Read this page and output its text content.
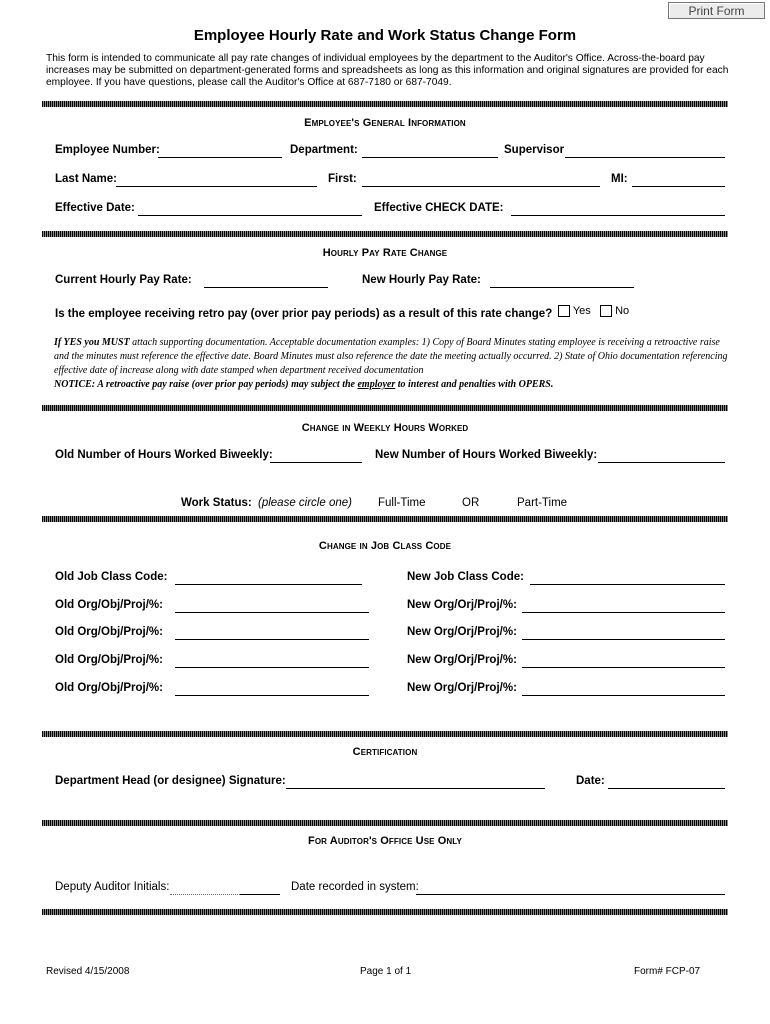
Print Form
Employee Hourly Rate and Work Status Change Form
This form is intended to communicate all pay rate changes of individual employees by the department to the Auditor's Office. Across-the-board pay increases may be submitted on department-generated forms and spreadsheets as long as this information and original signatures are provided for each employee. If you have questions, please call the Auditor's Office at 687-7180 or 687-7049.
Employee's General Information
Employee Number:	Department:	Supervisor
Last Name:	First:	MI:
Effective Date:	Effective CHECK DATE:
Hourly Pay Rate Change
Current Hourly Pay Rate:	New Hourly Pay Rate:
Is the employee receiving retro pay (over prior pay periods) as a result of this rate change?	Yes	No
If YES you MUST attach supporting documentation. Acceptable documentation examples: 1) Copy of Board Minutes stating employee is receiving a retroactive raise and the minutes must reference the effective date. Board Minutes must also reference the date the meeting actually occurred. 2) State of Ohio documentation referencing effective date of increase along with date stamped when department received documentation
NOTICE: A retroactive pay raise (over prior pay periods) may subject the employer to interest and penalties with OPERS.
Change in Weekly Hours Worked
Old Number of Hours Worked Biweekly:	New Number of Hours Worked Biweekly:
Work Status: (please circle one) Full-Time	OR	Part-Time
Change in Job Class Code
Old Job Class Code:	New Job Class Code:
Old Org/Obj/Proj/%:	New Org/Orj/Proj/%:
Old Org/Obj/Proj/%:	New Org/Orj/Proj/%:
Old Org/Obj/Proj/%:	New Org/Orj/Proj/%:
Old Org/Obj/Proj/%:	New Org/Orj/Proj/%:
Certification
Department Head (or designee) Signature:	Date:
For Auditor's Office Use Only
Deputy Auditor Initials:	Date recorded in system:
Revised 4/15/2008	Page 1 of 1	Form# FCP-07
